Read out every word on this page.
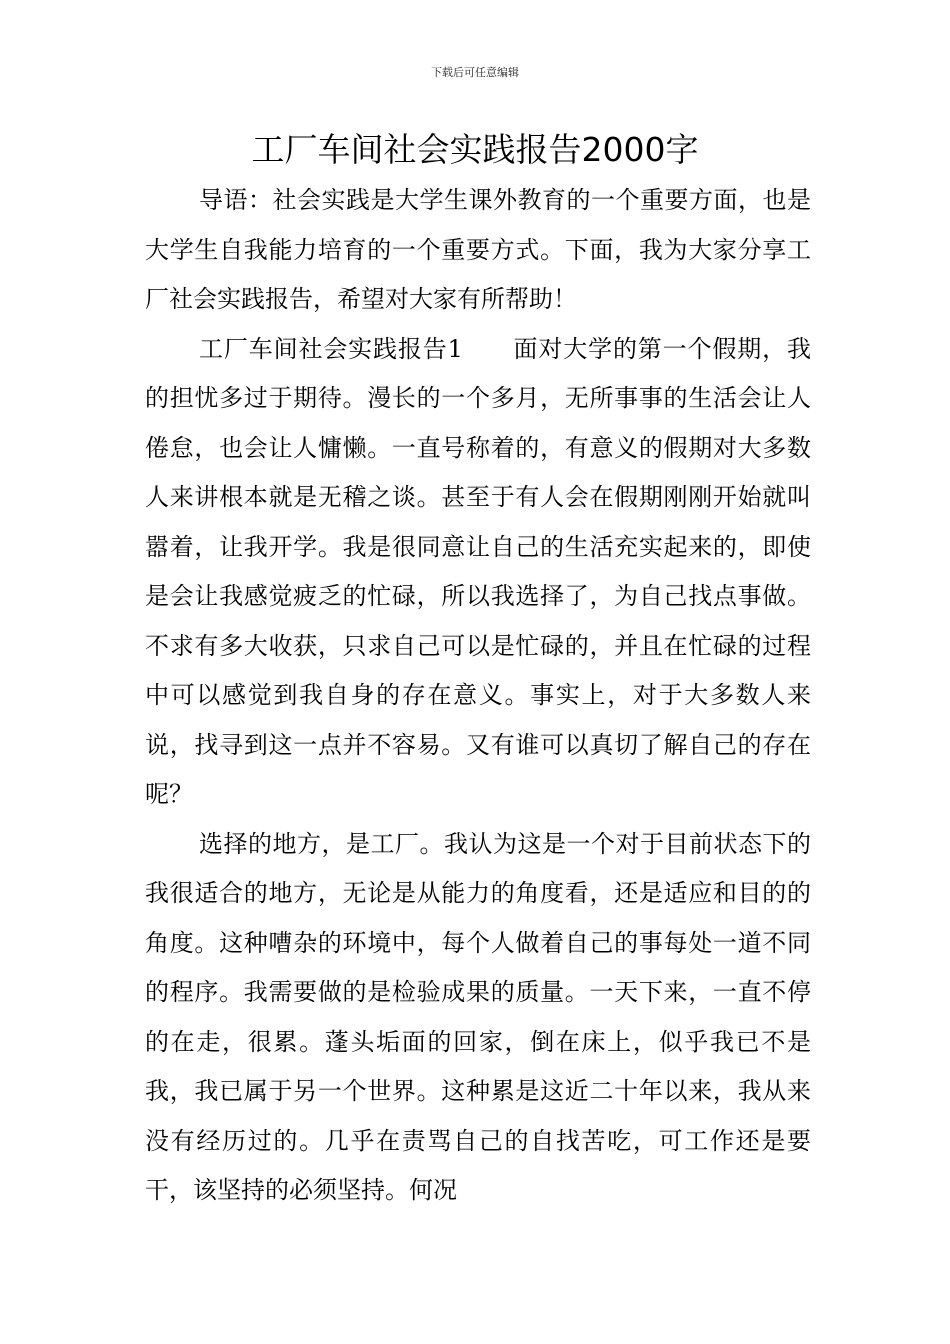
下载后可任意编辑
工厂车间社会实践报告2000字

导语：社会实践是大学生课外教育的一个重要方面，也是大学生自我能力培育的一个重要方式。下面，我为大家分享工厂社会实践报告，希望对大家有所帮助！

工厂车间社会实践报告1　　面对大学的第一个假期，我的担忧多过于期待。漫长的一个多月，无所事事的生活会让人倦怠，也会让人慵懒。一直号称着的，有意义的假期对大多数人来讲根本就是无稽之谈。甚至于有人会在假期刚刚开始就叫嚣着，让我开学。我是很同意让自己的生活充实起来的，即使是会让我感觉疲乏的忙碌，所以我选择了，为自己找点事做。不求有多大收获，只求自己可以是忙碌的，并且在忙碌的过程中可以感觉到我自身的存在意义。事实上，对于大多数人来说，找寻到这一点并不容易。又有谁可以真切了解自己的存在呢？

选择的地方，是工厂。我认为这是一个对于目前状态下的我很适合的地方，无论是从能力的角度看，还是适应和目的的角度。这种嘈杂的环境中，每个人做着自己的事每处一道不同的程序。我需要做的是检验成果的质量。一天下来，一直不停的在走，很累。蓬头垢面的回家，倒在床上，似乎我已不是我，我已属于另一个世界。这种累是这近二十年以来，我从来没有经历过的。几乎在责骂自己的自找苦吃，可工作还是要干，该坚持的必须坚持。何况
